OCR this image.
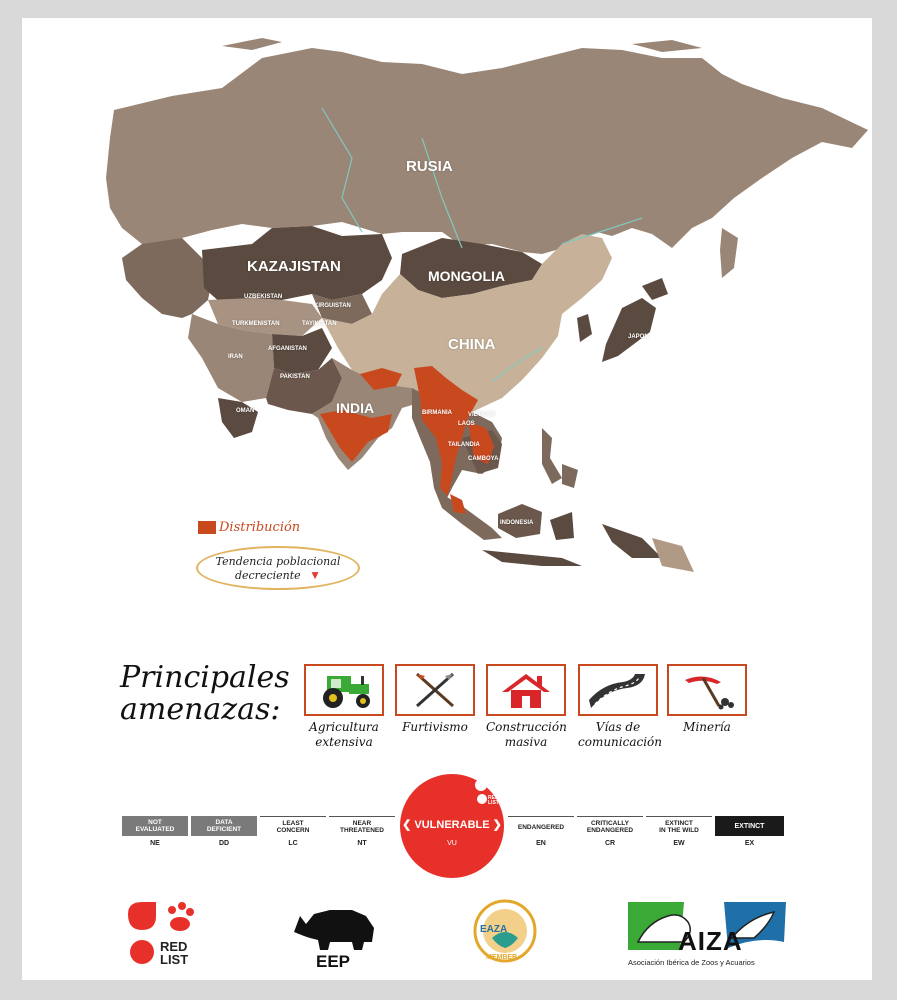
RUSIA
KAZAJISTAN
MONGOLIA
CHINA
INDIA
UZBEKISTAN
KIRGUISTAN
TURKMENISTAN	TAYIKISTAN
AFGANISTAN
IRAN
PAKISTAN
OMAN	BIRMANIA	VIETNAM
LAOS
TAILANDIA
CAMBOYA
INDONESIA
JAPON
Distribución
Tendencia poblacional
decreciente ▼
Principales
amenazas:	Agricultura
extensiva
Furtivismo	Construcción
masiva
Vías de
comunicación
Minería
NOT
EVALUATED
DATA
DEFICIENT
LEAST
CONCERN
NEAR
THREATENED	ENDANGERED	CRITICALLY
ENDANGERED
EXTINCT
IN THE WILD
EXTINCT
NE	DD	LC	NT	EN	CR	EW	EX
❮ VULNERABLE ❯
VU
RED LIST
RED LIST	EEP
EAZA
MEMBER
AIZA
Asociación Ibérica de Zoos y Acuarios
